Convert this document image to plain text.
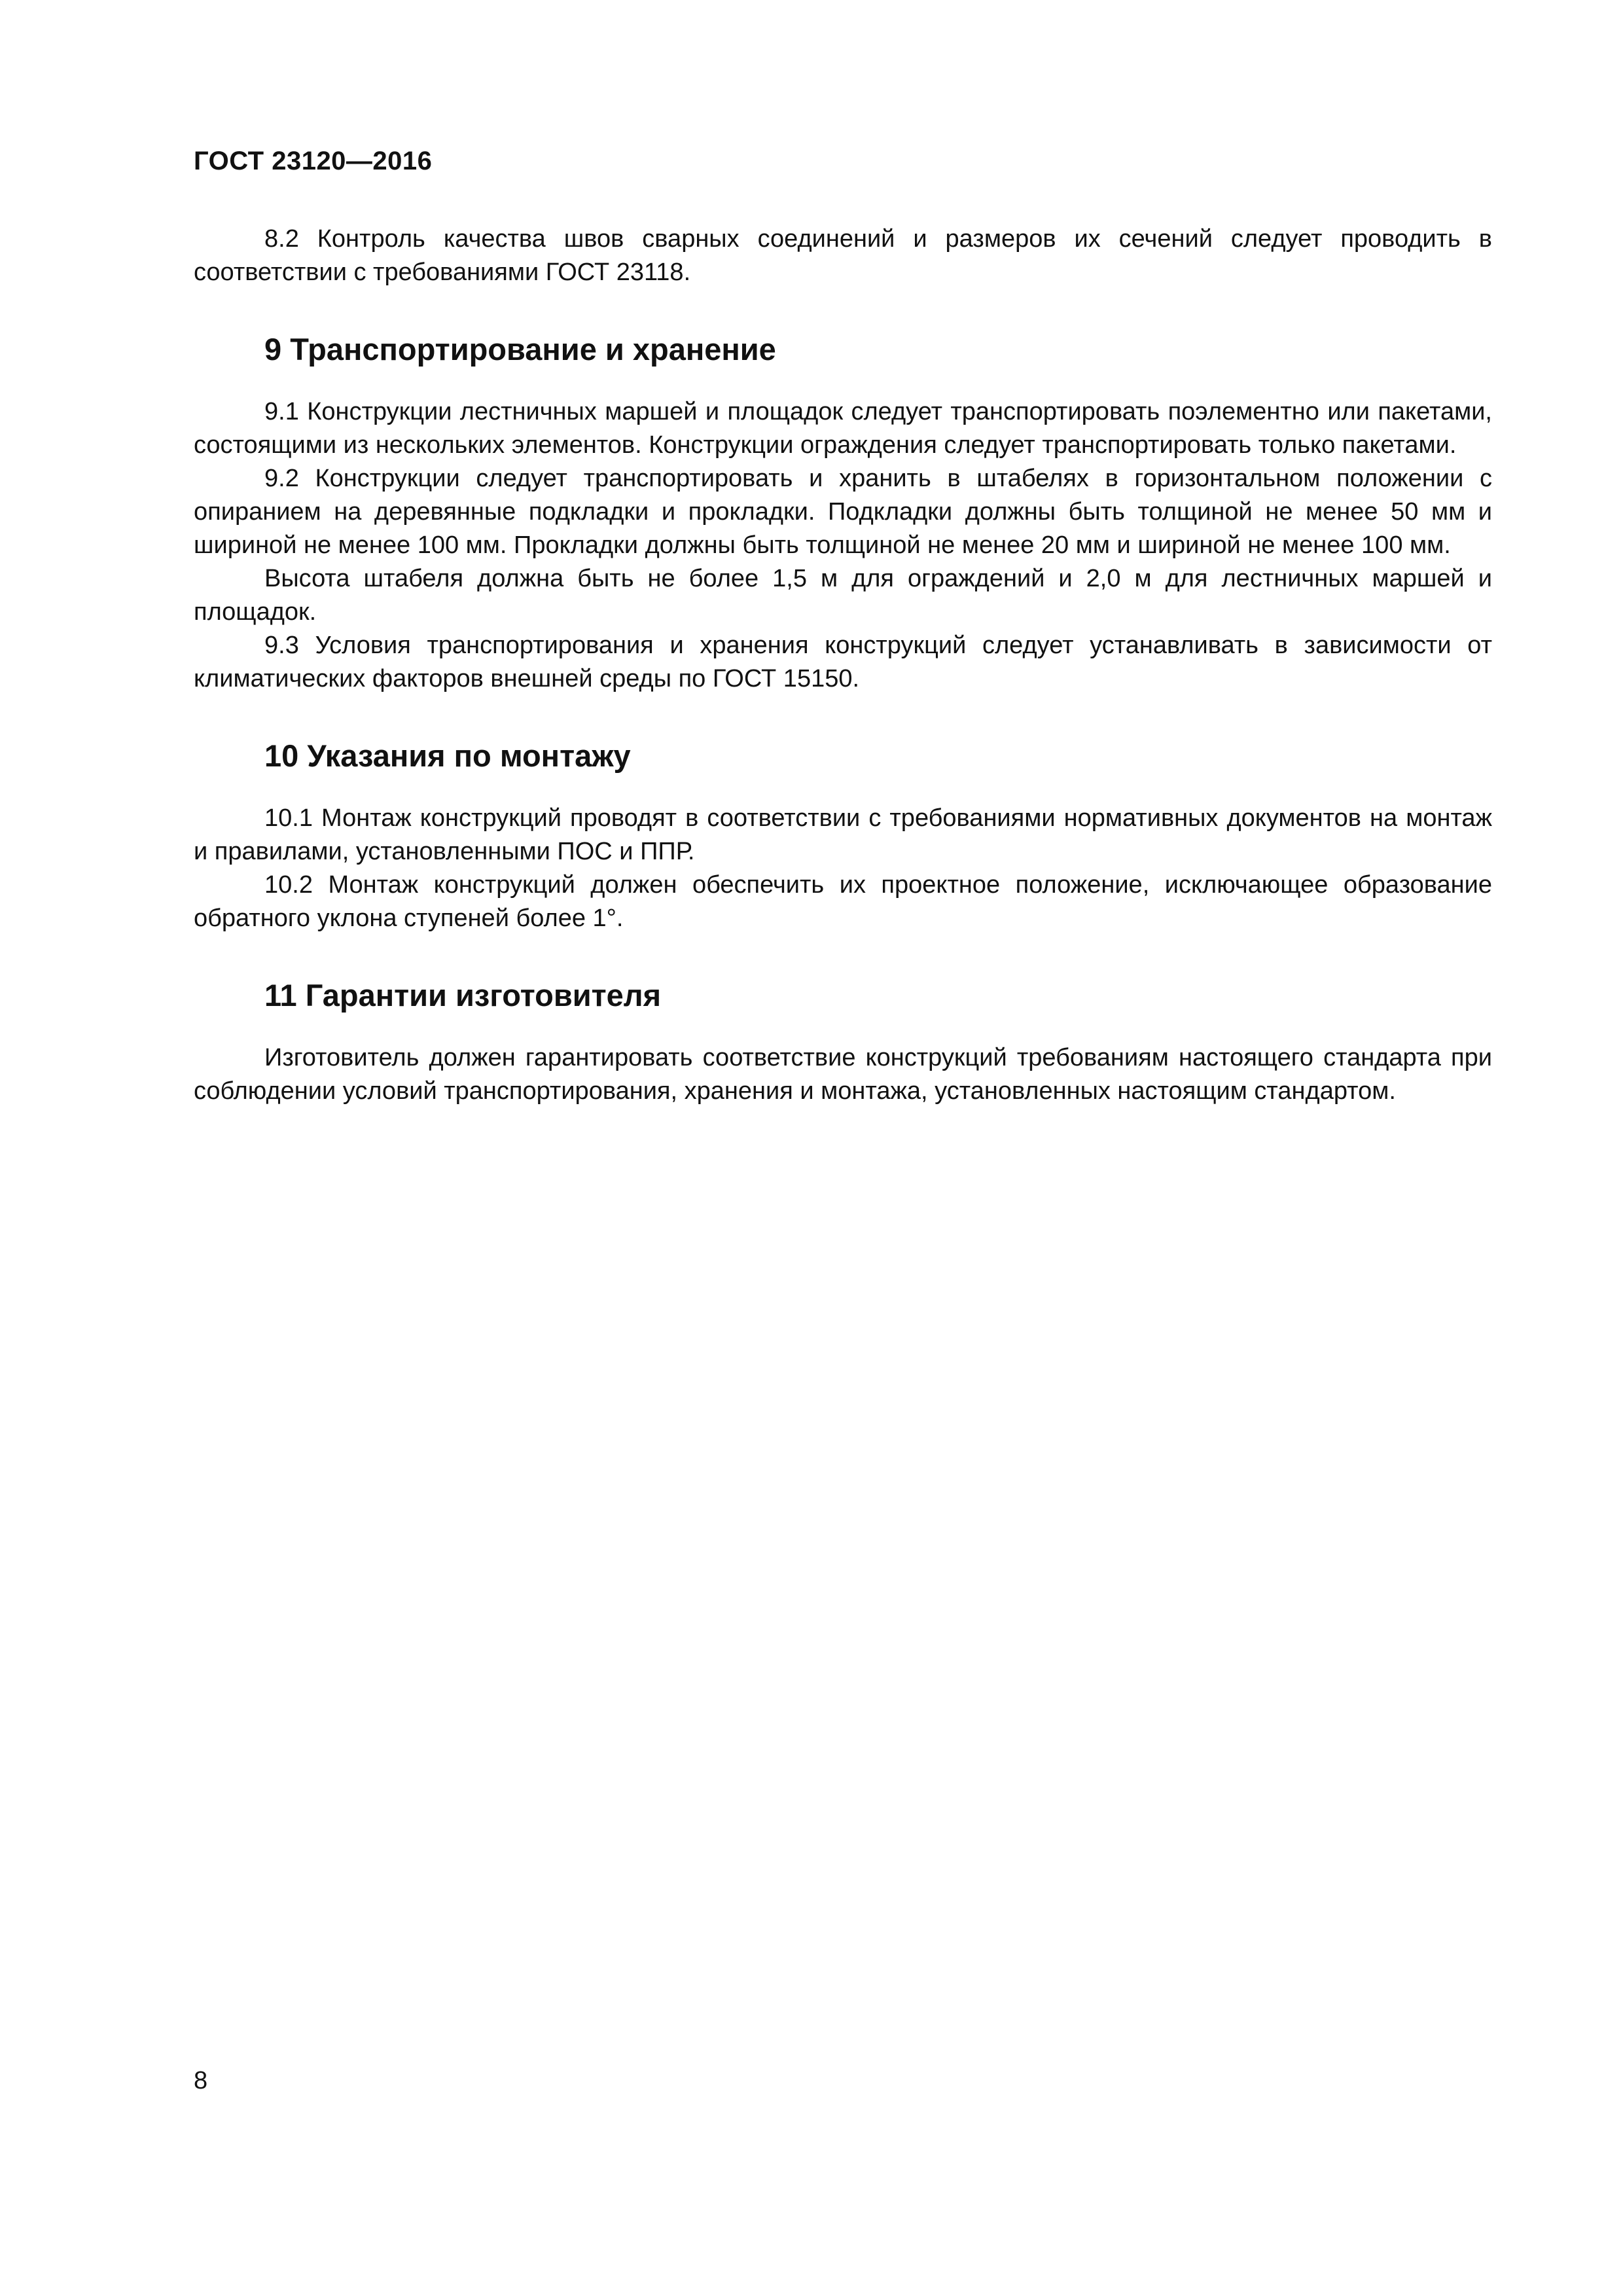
ГОСТ 23120—2016

8.2 Контроль качества швов сварных соединений и размеров их сечений следует проводить в соответствии с требованиями ГОСТ 23118.

9 Транспортирование и хранение

9.1 Конструкции лестничных маршей и площадок следует транспортировать поэлементно или пакетами, состоящими из нескольких элементов. Конструкции ограждения следует транспортировать только пакетами.

9.2 Конструкции следует транспортировать и хранить в штабелях в горизонтальном положении с опиранием на деревянные подкладки и прокладки. Подкладки должны быть толщиной не менее 50 мм и шириной не менее 100 мм. Прокладки должны быть толщиной не менее 20 мм и шириной не менее 100 мм.

Высота штабеля должна быть не более 1,5 м для ограждений и 2,0 м для лестничных маршей и площадок.

9.3 Условия транспортирования и хранения конструкций следует устанавливать в зависимости от климатических факторов внешней среды по ГОСТ 15150.

10 Указания по монтажу

10.1 Монтаж конструкций проводят в соответствии с требованиями нормативных документов на монтаж и правилами, установленными ПОС и ППР.

10.2 Монтаж конструкций должен обеспечить их проектное положение, исключающее образование обратного уклона ступеней более 1°.

11 Гарантии изготовителя

Изготовитель должен гарантировать соответствие конструкций требованиям настоящего стандарта при соблюдении условий транспортирования, хранения и монтажа, установленных настоящим стандартом.

8
